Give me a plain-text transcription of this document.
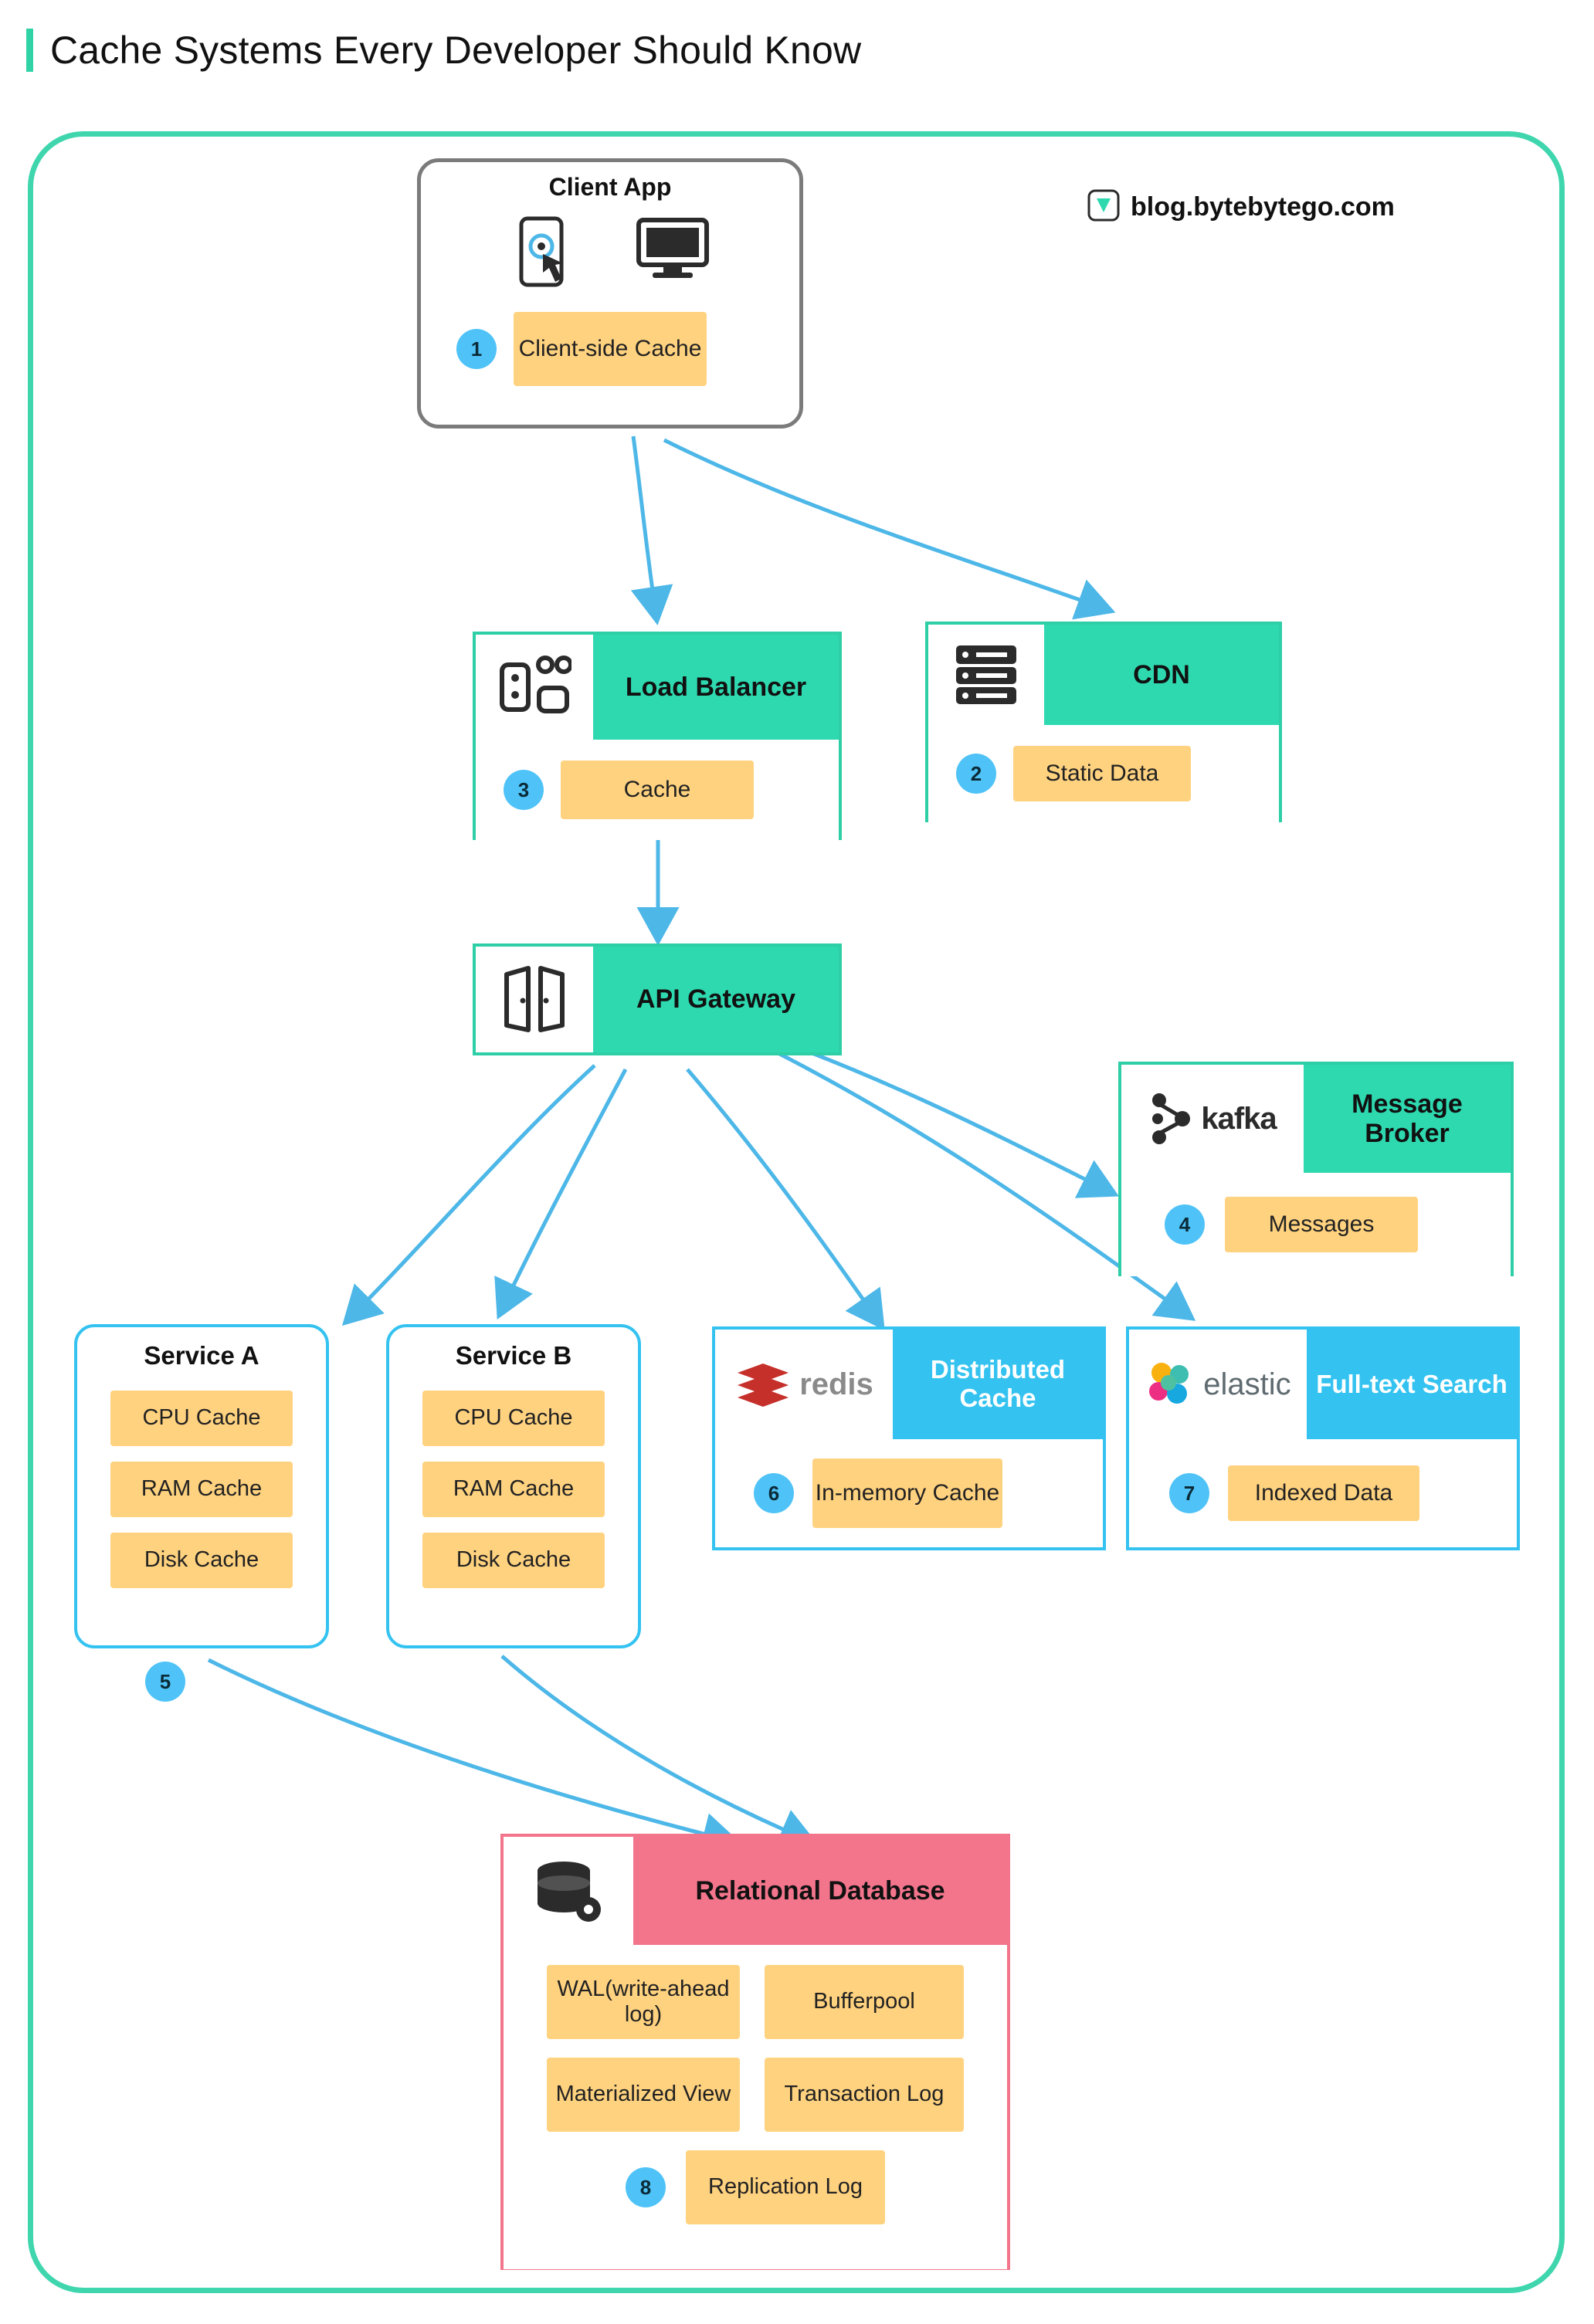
Cache Systems Every Developer Should Know
blog.bytebytego.com
Client App
1	Client-side Cache
Load Balancer
3	Cache
CDN
2	Static Data
API Gateway
kafka	Message Broker
4	Messages
Service A
CPU Cache
RAM Cache
Disk Cache
5
Service B
CPU Cache
RAM Cache
Disk Cache
redis	Distributed Cache
6	In-memory Cache
elastic Full-text Search
7	Indexed Data
Relational Database
WAL(write-ahead log)
Bufferpool
Materialized View	Transaction Log
8	Replication Log
